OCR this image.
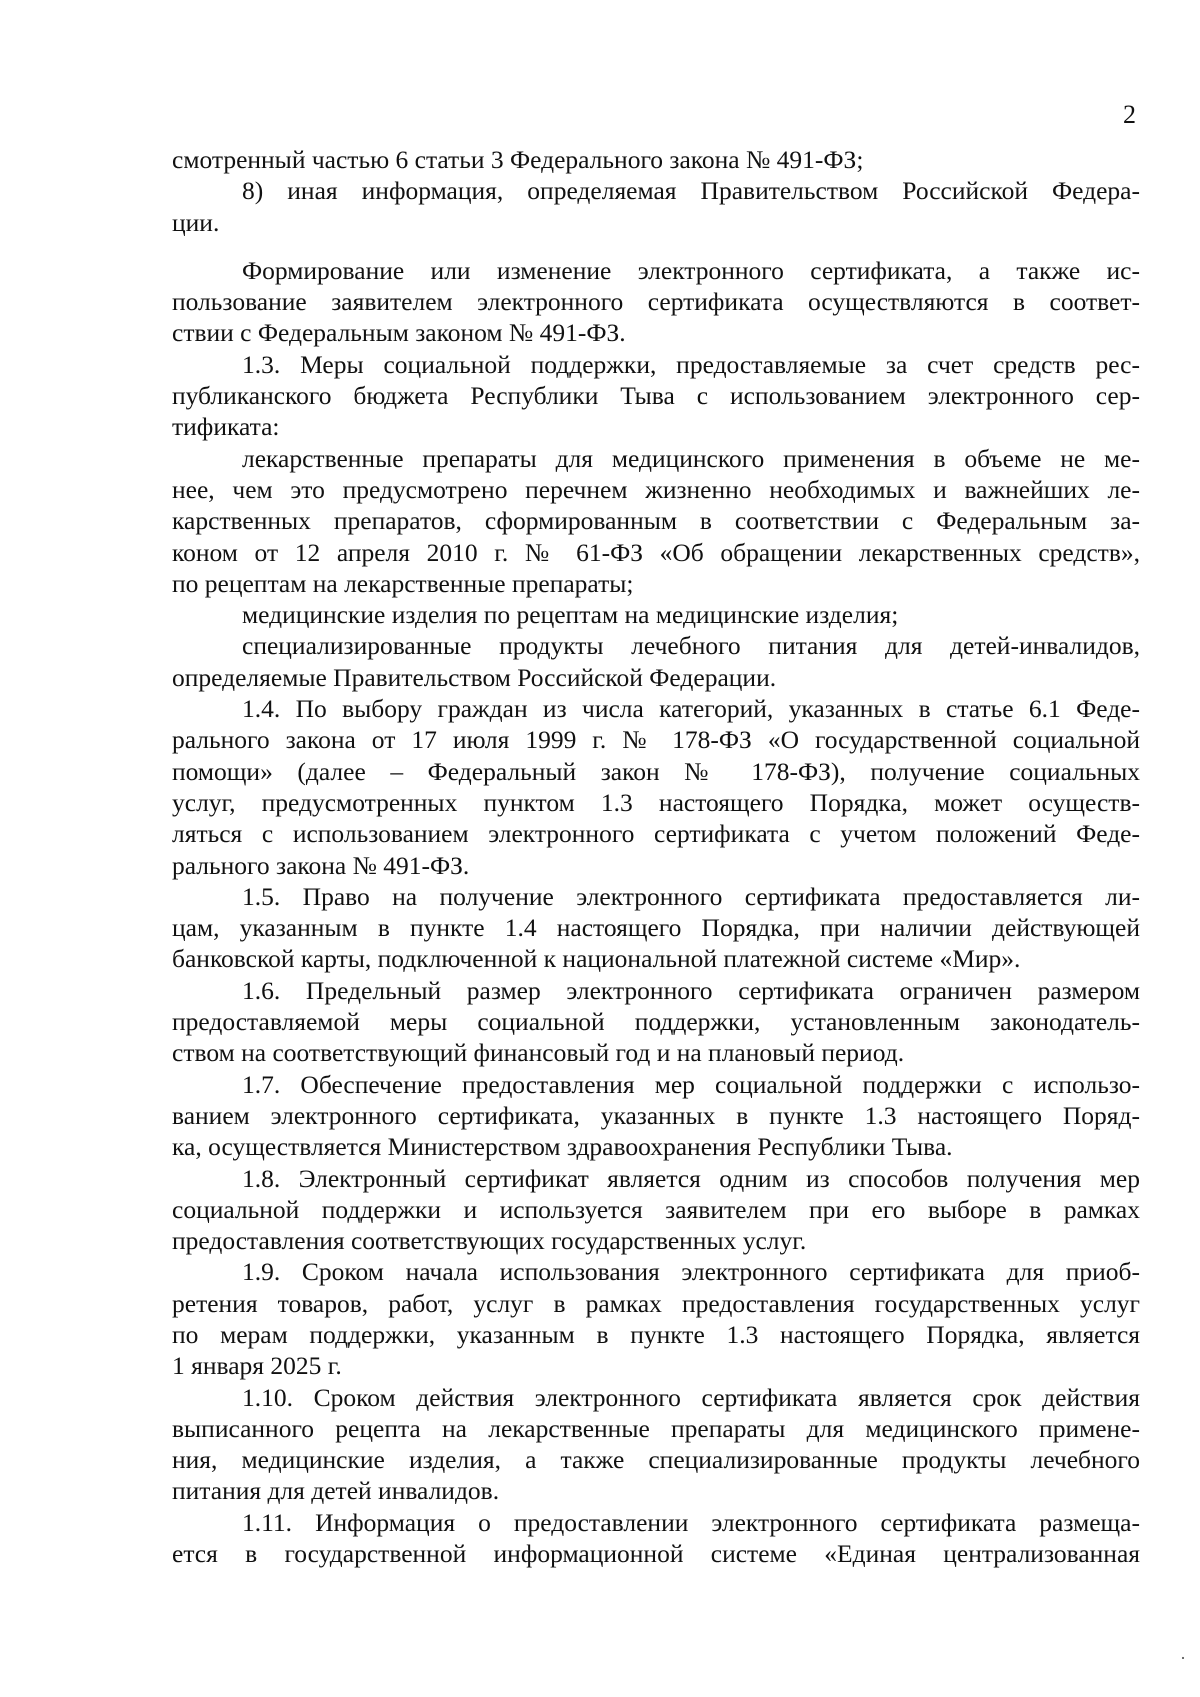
2
смотренный частью 6 статьи 3 Федерального закона № 491-ФЗ;
8) иная информация, определяемая Правительством Российской Федера-
ции.
Формирование или изменение электронного сертификата, а также ис-
пользование заявителем электронного сертификата осуществляются в соответ-
ствии с Федеральным законом № 491-ФЗ.
1.3. Меры социальной поддержки, предоставляемые за счет средств рес-
публиканского бюджета Республики Тыва с использованием электронного сер-
тификата:
лекарственные препараты для медицинского применения в объеме не ме-
нее, чем это предусмотрено перечнем жизненно необходимых и важнейших ле-
карственных препаратов, сформированным в соответствии с Федеральным за-
коном от 12 апреля 2010 г. № 61-ФЗ «Об обращении лекарственных средств»,
по рецептам на лекарственные препараты;
медицинские изделия по рецептам на медицинские изделия;
специализированные продукты лечебного питания для детей-инвалидов,
определяемые Правительством Российской Федерации.
1.4. По выбору граждан из числа категорий, указанных в статье 6.1 Феде-
рального закона от 17 июля 1999 г. № 178-ФЗ «О государственной социальной
помощи» (далее – Федеральный закон № 178-ФЗ), получение социальных
услуг, предусмотренных пунктом 1.3 настоящего Порядка, может осуществ-
ляться с использованием электронного сертификата с учетом положений Феде-
рального закона № 491-ФЗ.
1.5. Право на получение электронного сертификата предоставляется ли-
цам, указанным в пункте 1.4 настоящего Порядка, при наличии действующей
банковской карты, подключенной к национальной платежной системе «Мир».
1.6. Предельный размер электронного сертификата ограничен размером
предоставляемой меры социальной поддержки, установленным законодатель-
ством на соответствующий финансовый год и на плановый период.
1.7. Обеспечение предоставления мер социальной поддержки с использо-
ванием электронного сертификата, указанных в пункте 1.3 настоящего Поряд-
ка, осуществляется Министерством здравоохранения Республики Тыва.
1.8. Электронный сертификат является одним из способов получения мер
социальной поддержки и используется заявителем при его выборе в рамках
предоставления соответствующих государственных услуг.
1.9. Сроком начала использования электронного сертификата для приоб-
ретения товаров, работ, услуг в рамках предоставления государственных услуг
по мерам поддержки, указанным в пункте 1.3 настоящего Порядка, является
1 января 2025 г.
1.10. Сроком действия электронного сертификата является срок действия
выписанного рецепта на лекарственные препараты для медицинского примене-
ния, медицинские изделия, а также специализированные продукты лечебного
питания для детей инвалидов.
1.11. Информация о предоставлении электронного сертификата размеща-
ется в государственной информационной системе «Единая централизованная
·
